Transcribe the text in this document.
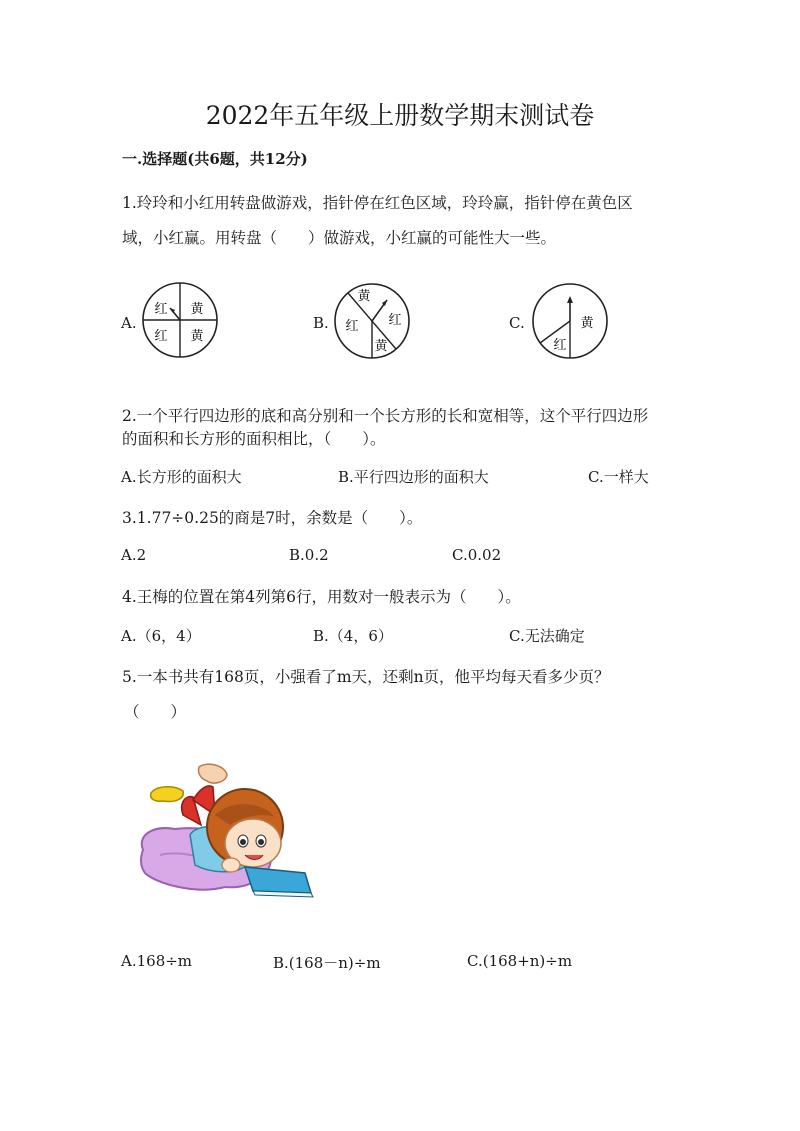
2022年五年级上册数学期末测试卷
一.选择题(共6题，共12分)
1.玲玲和小红用转盘做游戏，指针停在红色区域，玲玲赢，指针停在黄色区
域，小红赢。用转盘（　　）做游戏，小红赢的可能性大一些。
A.
红 黄
红 黄
B.
黄
红 红
黄
C.	黄
红
2.一个平行四边形的底和高分别和一个长方形的长和宽相等，这个平行四边形
的面积和长方形的面积相比，（　　）。
A.长方形的面积大	B.平行四边形的面积大	C.一样大
3.1.77÷0.25的商是7时，余数是（　　）。
A.2	B.0.2	C.0.02
4.王梅的位置在第4列第6行，用数对一般表示为（　　）。
A.（6，4）	B.（4，6）	C.无法确定
5.一本书共有168页，小强看了m天，还剩n页，他平均每天看多少页？
（　　）
A.168÷m	B.(168－n)÷m	C.(168+n)÷m
